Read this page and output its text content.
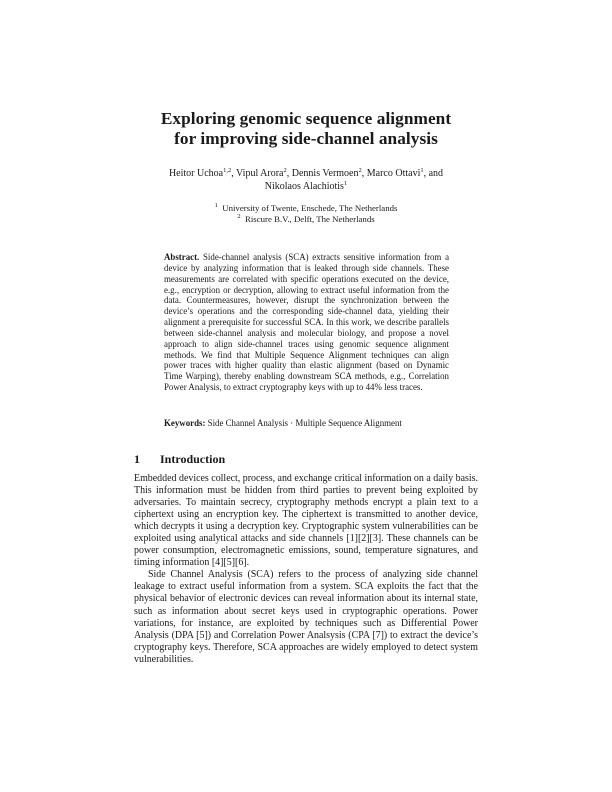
Exploring genomic sequence alignment
for improving side-channel analysis
Heitor Uchoa$^{1,2}$, Vipul Arora$^2$, Dennis Vermoen$^2$, Marco Ottavi$^1$, and
Nikolaos Alachiotis$^1$
$^1$ University of Twente, Enschede, The Netherlands
$^2$ Riscure B.V., Delft, The Netherlands
Abstract. Side-channel analysis (SCA) extracts sensitive information from a device by analyzing information that is leaked through side channels. These measurements are correlated with specific operations executed on the device, e.g., encryption or decryption, allowing to extract useful information from the data. Countermeasures, however, disrupt the synchronization between the device’s operations and the corresponding side-channel data, yielding their alignment a prerequisite for successful SCA. In this work, we describe parallels between side-channel analysis and molecular biology, and propose a novel approach to align side-channel traces using genomic sequence alignment methods. We find that Multiple Sequence Alignment techniques can align power traces with higher quality than elastic alignment (based on Dynamic Time Warping), thereby enabling downstream SCA methods, e.g., Correlation Power Analysis, to extract cryptography keys with up to 44% less traces.
Keywords: Side Channel Analysis · Multiple Sequence Alignment
1 Introduction

Embedded devices collect, process, and exchange critical information on a daily basis. This information must be hidden from third parties to prevent being exploited by adversaries. To maintain secrecy, cryptography methods encrypt a plain text to a ciphertext using an encryption key. The ciphertext is transmitted to another device, which decrypts it using a decryption key. Cryptographic system vulnerabilities can be exploited using analytical attacks and side channels [1][2][3]. These channels can be power consumption, electromagnetic emissions, sound, temperature signatures, and timing information [4][5][6].

Side Channel Analysis (SCA) refers to the process of analyzing side channel leakage to extract useful information from a system. SCA exploits the fact that the physical behavior of electronic devices can reveal information about its internal state, such as information about secret keys used in cryptographic operations. Power variations, for instance, are exploited by techniques such as Differential Power Analysis (DPA [5]) and Correlation Power Analsysis (CPA [7]) to extract the device’s cryptography keys. Therefore, SCA approaches are widely employed to detect system vulnerabilities.
